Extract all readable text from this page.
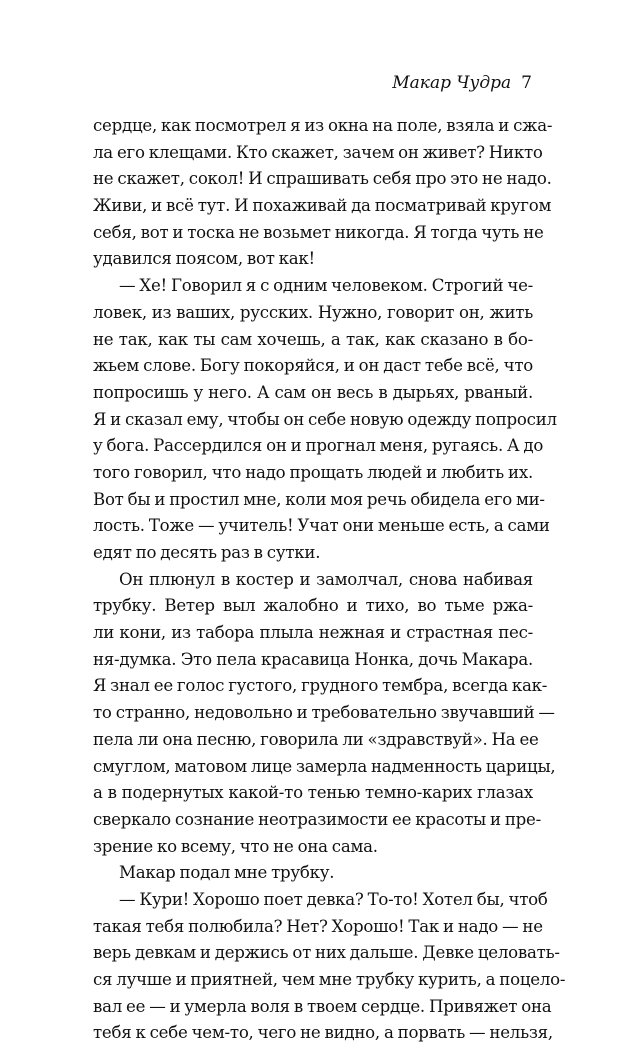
Макар Чудра 7

сердце, как посмотрел я из окна на поле, взяла и сжа-
ла его клещами. Кто скажет, зачем он живет? Никто
не скажет, сокол! И спрашивать себя про это не надо.
Живи, и всё тут. И похаживай да посматривай кругом
себя, вот и тоска не возьмет никогда. Я тогда чуть не
удавился поясом, вот как!

— Хе! Говорил я с одним человеком. Строгий че-
ловек, из ваших, русских. Нужно, говорит он, жить
не так, как ты сам хочешь, а так, как сказано в бо-
жьем слове. Богу покоряйся, и он даст тебе всё, что
попросишь у него. А сам он весь в дырьях, рваный.
Я и сказал ему, чтобы он себе новую одежду попросил
у бога. Рассердился он и прогнал меня, ругаясь. А до
того говорил, что надо прощать людей и любить их.
Вот бы и простил мне, коли моя речь обидела его ми-
лость. Тоже — учитель! Учат они меньше есть, а сами
едят по десять раз в сутки.

Он плюнул в костер и замолчал, снова набивая
трубку. Ветер выл жалобно и тихо, во тьме ржа-
ли кони, из табора плыла нежная и страстная пес-
ня-думка. Это пела красавица Нонка, дочь Макара.
Я знал ее голос густого, грудного тембра, всегда как-
то странно, недовольно и требовательно звучавший —
пела ли она песню, говорила ли «здравствуй». На ее
смуглом, матовом лице замерла надменность царицы,
а в подернутых какой-то тенью темно-карих глазах
сверкало сознание неотразимости ее красоты и пре-
зрение ко всему, что не она сама.

Макар подал мне трубку.

— Кури! Хорошо поет девка? То-то! Хотел бы, чтоб
такая тебя полюбила? Нет? Хорошо! Так и надо — не
верь девкам и держись от них дальше. Девке целовать-
ся лучше и приятней, чем мне трубку курить, а поцело-
вал ее — и умерла воля в твоем сердце. Привяжет она
тебя к себе чем-то, чего не видно, а порвать — нельзя,
